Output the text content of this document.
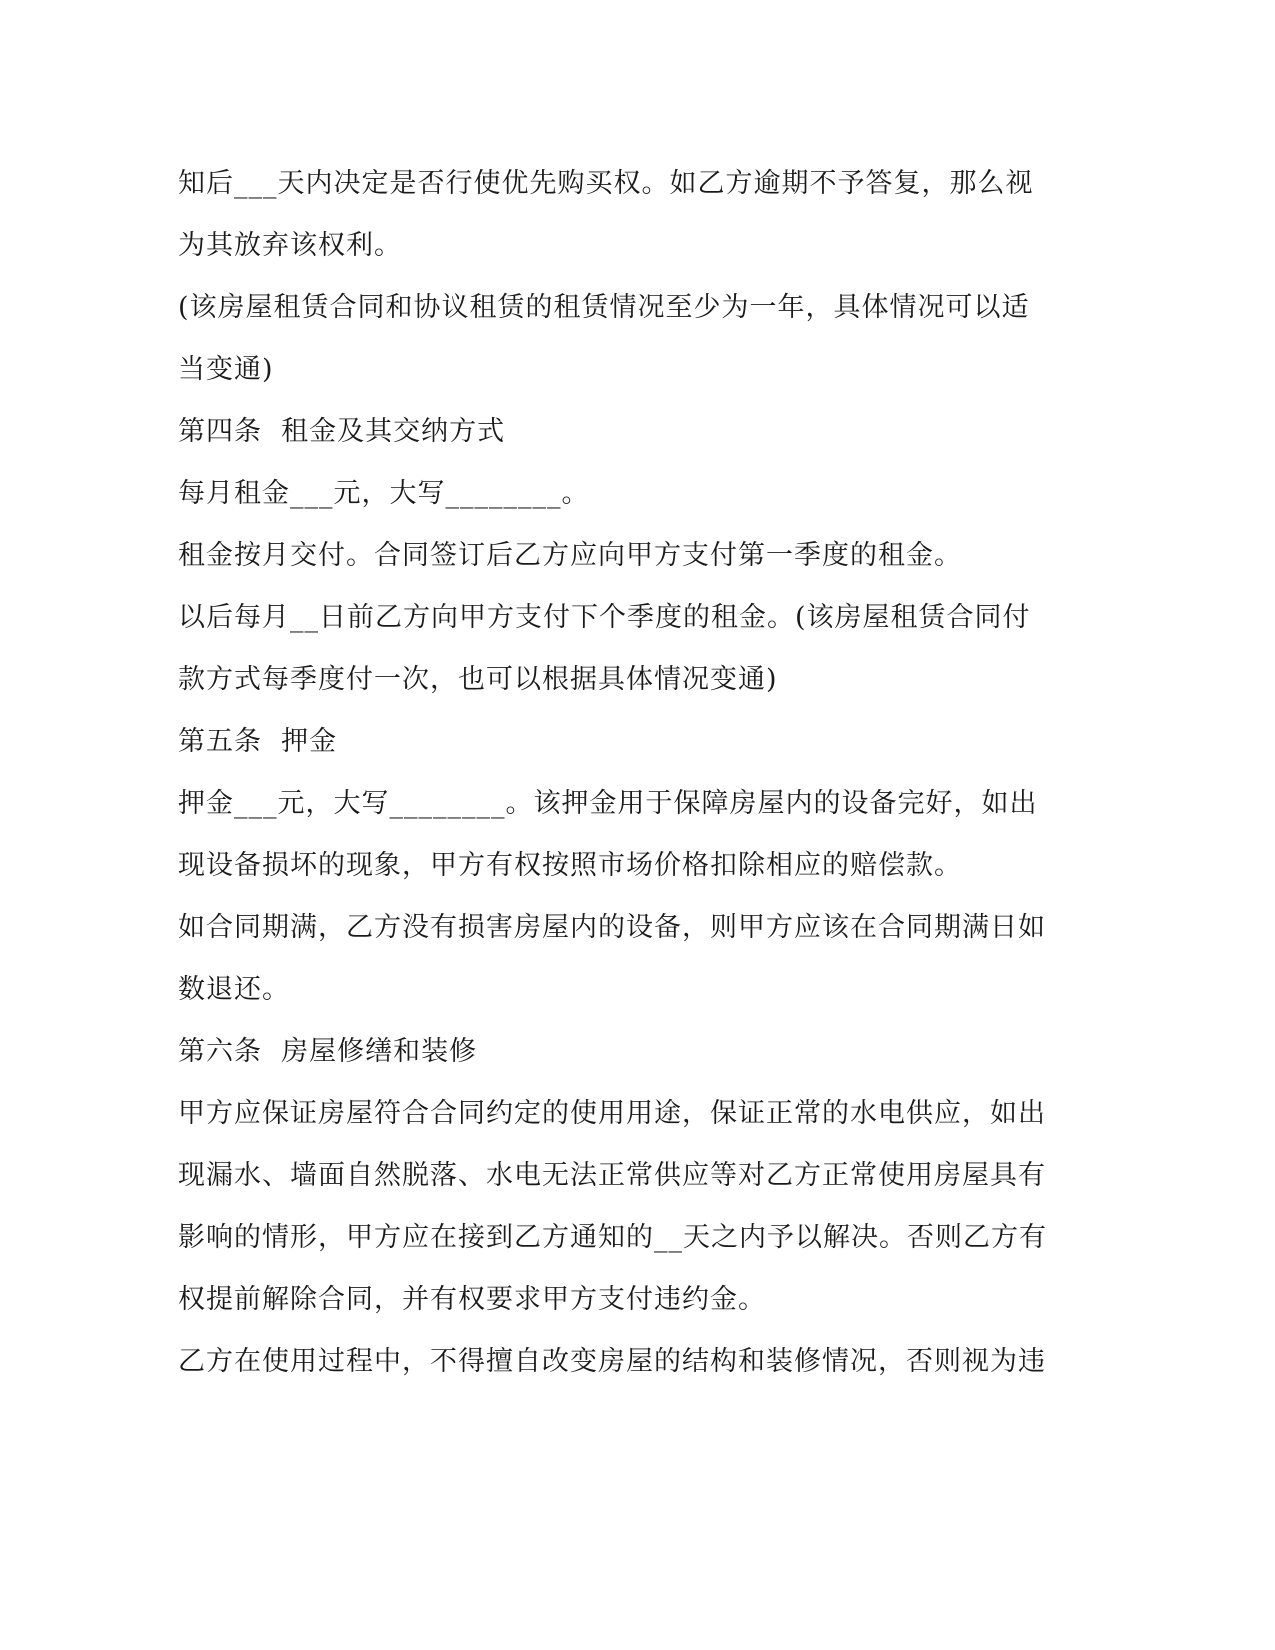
知后___天内决定是否行使优先购买权。如乙方逾期不予答复，那么视
为其放弃该权利。
(该房屋租赁合同和协议租赁的租赁情况至少为一年，具体情况可以适
当变通)
第四条  租金及其交纳方式
每月租金___元，大写________。
租金按月交付。合同签订后乙方应向甲方支付第一季度的租金。
以后每月__日前乙方向甲方支付下个季度的租金。(该房屋租赁合同付
款方式每季度付一次，也可以根据具体情况变通)
第五条  押金
押金___元，大写________。该押金用于保障房屋内的设备完好，如出
现设备损坏的现象，甲方有权按照市场价格扣除相应的赔偿款。
如合同期满，乙方没有损害房屋内的设备，则甲方应该在合同期满日如
数退还。
第六条  房屋修缮和装修
甲方应保证房屋符合合同约定的使用用途，保证正常的水电供应，如出
现漏水、墙面自然脱落、水电无法正常供应等对乙方正常使用房屋具有
影响的情形，甲方应在接到乙方通知的__天之内予以解决。否则乙方有
权提前解除合同，并有权要求甲方支付违约金。
乙方在使用过程中，不得擅自改变房屋的结构和装修情况，否则视为违
